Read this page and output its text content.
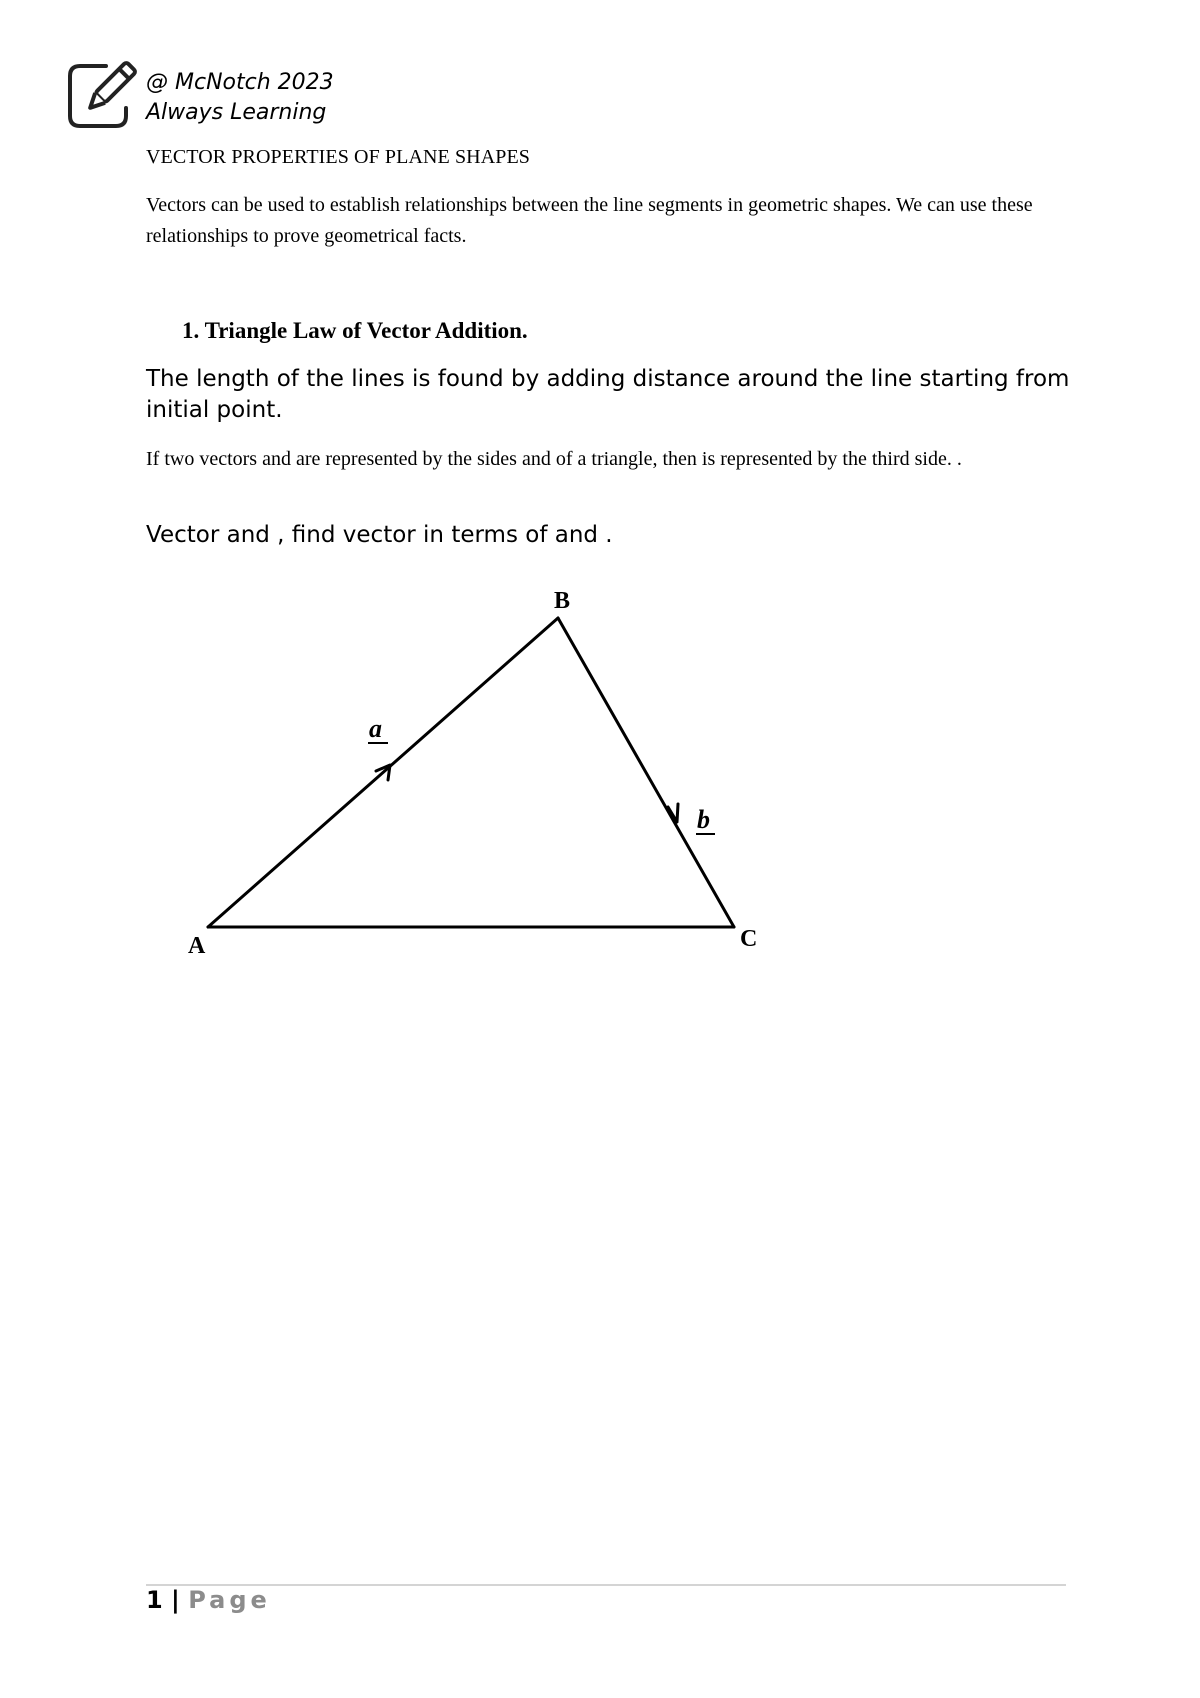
@ McNotch 2023
Always Learning
VECTOR PROPERTIES OF PLANE SHAPES
Vectors can be used to establish relationships between the line segments in geometric shapes. We can use these relationships to prove geometrical facts.
1. Triangle Law of Vector Addition.
The length of the lines is found by adding distance around the line starting from initial point.
If two vectors and are represented by the sides and of a triangle, then is represented by the third side. .
Vector and , find vector in terms of and .
B
A	C
a
b
1 | Page
